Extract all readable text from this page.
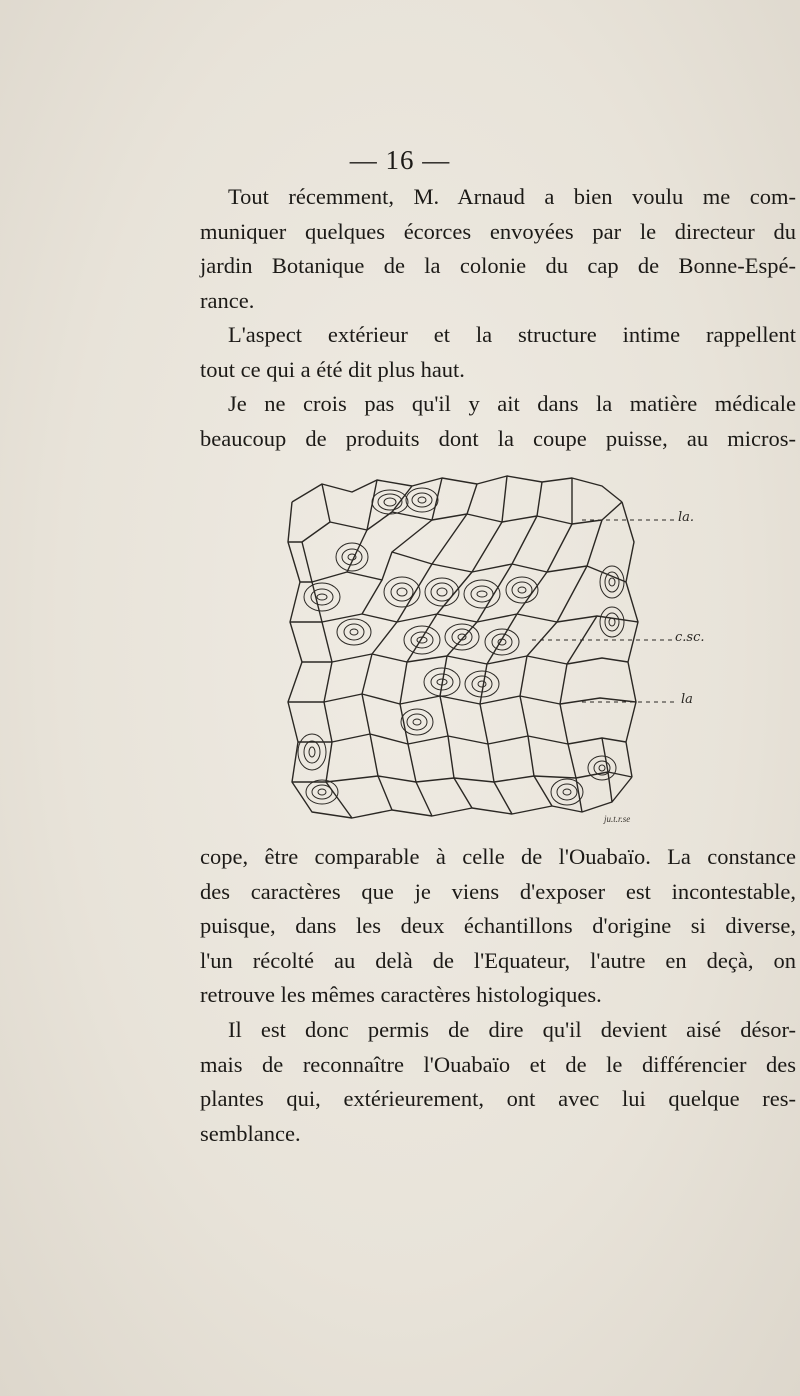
— 16 —
Tout récemment, M. Arnaud a bien voulu me com-
muniquer quelques écorces envoyées par le directeur du
jardin Botanique de la colonie du cap de Bonne-Espé-
rance.
L'aspect extérieur et la structure intime rappellent
tout ce qui a été dit plus haut.
Je ne crois pas qu'il y ait dans la matière médicale
beaucoup de produits dont la coupe puisse, au micros-
la.
c.sc.
la
ju.t.r.se
cope, être comparable à celle de l'Ouabaïo. La constance
des caractères que je viens d'exposer est incontestable,
puisque, dans les deux échantillons d'origine si diverse,
l'un récolté au delà de l'Equateur, l'autre en deçà, on
retrouve les mêmes caractères histologiques.
Il est donc permis de dire qu'il devient aisé désor-
mais de reconnaître l'Ouabaïo et de le différencier des
plantes qui, extérieurement, ont avec lui quelque res-
semblance.
